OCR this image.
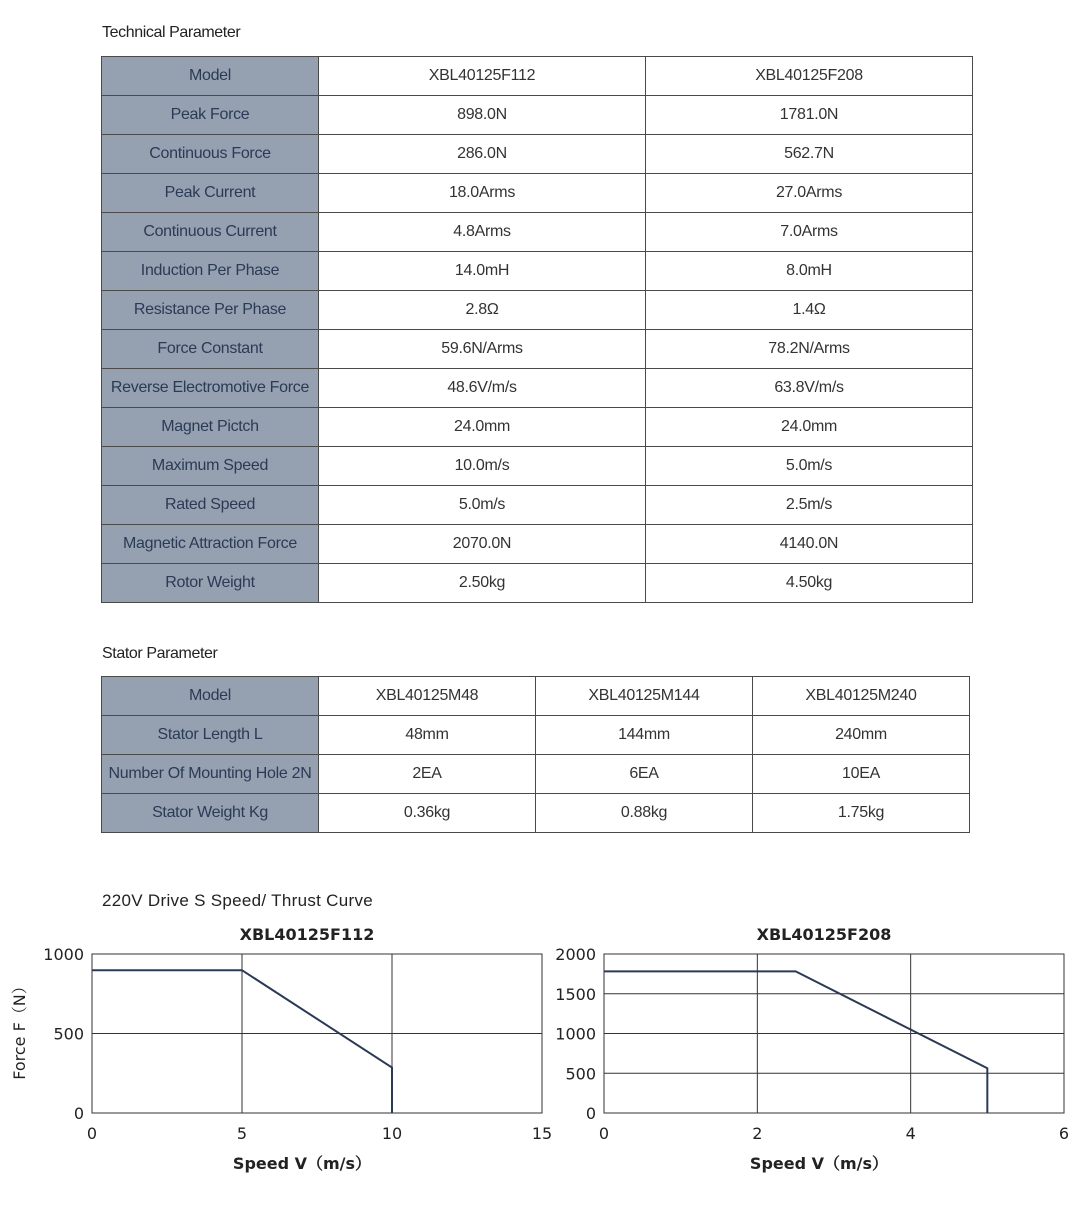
Technical Parameter
Model	XBL40125F112	XBL40125F208
Peak Force	898.0N	1781.0N
Continuous Force	286.0N	562.7N
Peak Current	18.0Arms	27.0Arms
Continuous Current	4.8Arms	7.0Arms
Induction Per Phase	14.0mH	8.0mH
Resistance Per Phase	2.8Ω	1.4Ω
Force Constant	59.6N/Arms	78.2N/Arms
Reverse Electromotive Force	48.6V/m/s	63.8V/m/s
Magnet Pictch	24.0mm	24.0mm
Maximum Speed	10.0m/s	5.0m/s
Rated Speed	5.0m/s	2.5m/s
Magnetic Attraction Force	2070.0N	4140.0N
Rotor Weight	2.50kg	4.50kg
Stator Parameter
Model	XBL40125M48	XBL40125M144	XBL40125M240
Stator Length L	48mm	144mm	240mm
Number Of Mounting Hole 2N	2EA	6EA	10EA
Stator Weight Kg	0.36kg	0.88kg	1.75kg
220V Drive S Speed/ Thrust Curve
Force F（N）
0	5	10	15
0
500
1000
XBL40125F112
Speed V（m/s）
0	2	4	6
0
500
1000
1500
2000
XBL40125F208
Speed V（m/s）
